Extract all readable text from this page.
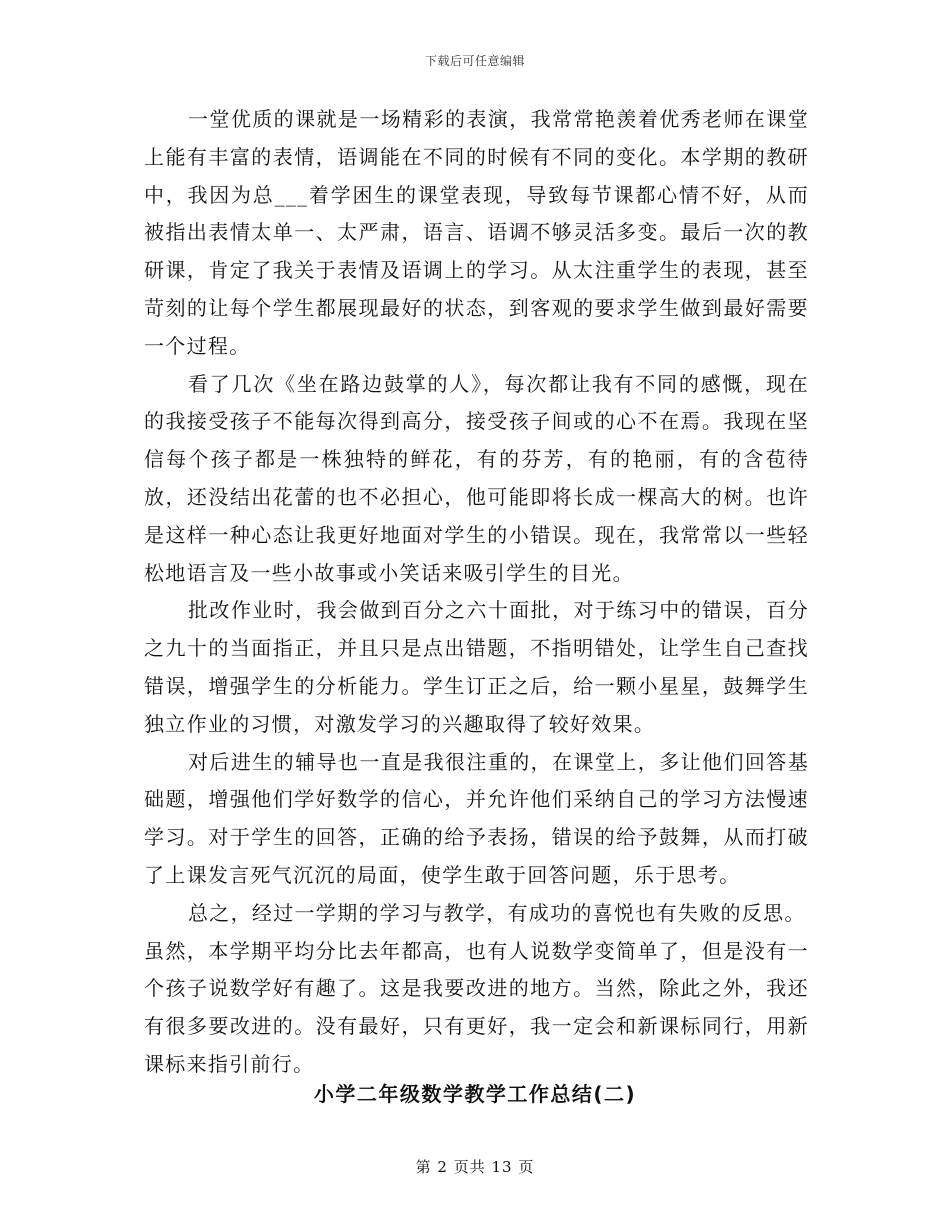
下载后可任意编辑

一堂优质的课就是一场精彩的表演，我常常艳羡着优秀老师在课堂上能有丰富的表情，语调能在不同的时候有不同的变化。本学期的教研中，我因为总___着学困生的课堂表现，导致每节课都心情不好，从而被指出表情太单一、太严肃，语言、语调不够灵活多变。最后一次的教研课，肯定了我关于表情及语调上的学习。从太注重学生的表现，甚至苛刻的让每个学生都展现最好的状态，到客观的要求学生做到最好需要一个过程。

看了几次《坐在路边鼓掌的人》，每次都让我有不同的感慨，现在的我接受孩子不能每次得到高分，接受孩子间或的心不在焉。我现在坚信每个孩子都是一株独特的鲜花，有的芬芳，有的艳丽，有的含苞待放，还没结出花蕾的也不必担心，他可能即将长成一棵高大的树。也许是这样一种心态让我更好地面对学生的小错误。现在，我常常以一些轻松地语言及一些小故事或小笑话来吸引学生的目光。

批改作业时，我会做到百分之六十面批，对于练习中的错误，百分之九十的当面指正，并且只是点出错题，不指明错处，让学生自己查找错误，增强学生的分析能力。学生订正之后，给一颗小星星，鼓舞学生独立作业的习惯，对激发学习的兴趣取得了较好效果。

对后进生的辅导也一直是我很注重的，在课堂上，多让他们回答基础题，增强他们学好数学的信心，并允许他们采纳自己的学习方法慢速学习。对于学生的回答，正确的给予表扬，错误的给予鼓舞，从而打破了上课发言死气沉沉的局面，使学生敢于回答问题，乐于思考。

总之，经过一学期的学习与教学，有成功的喜悦也有失败的反思。

虽然，本学期平均分比去年都高，也有人说数学变简单了，但是没有一个孩子说数学好有趣了。这是我要改进的地方。当然，除此之外，我还有很多要改进的。没有最好，只有更好，我一定会和新课标同行，用新课标来指引前行。

小学二年级数学教学工作总结(二)
第 2 页共 13 页
